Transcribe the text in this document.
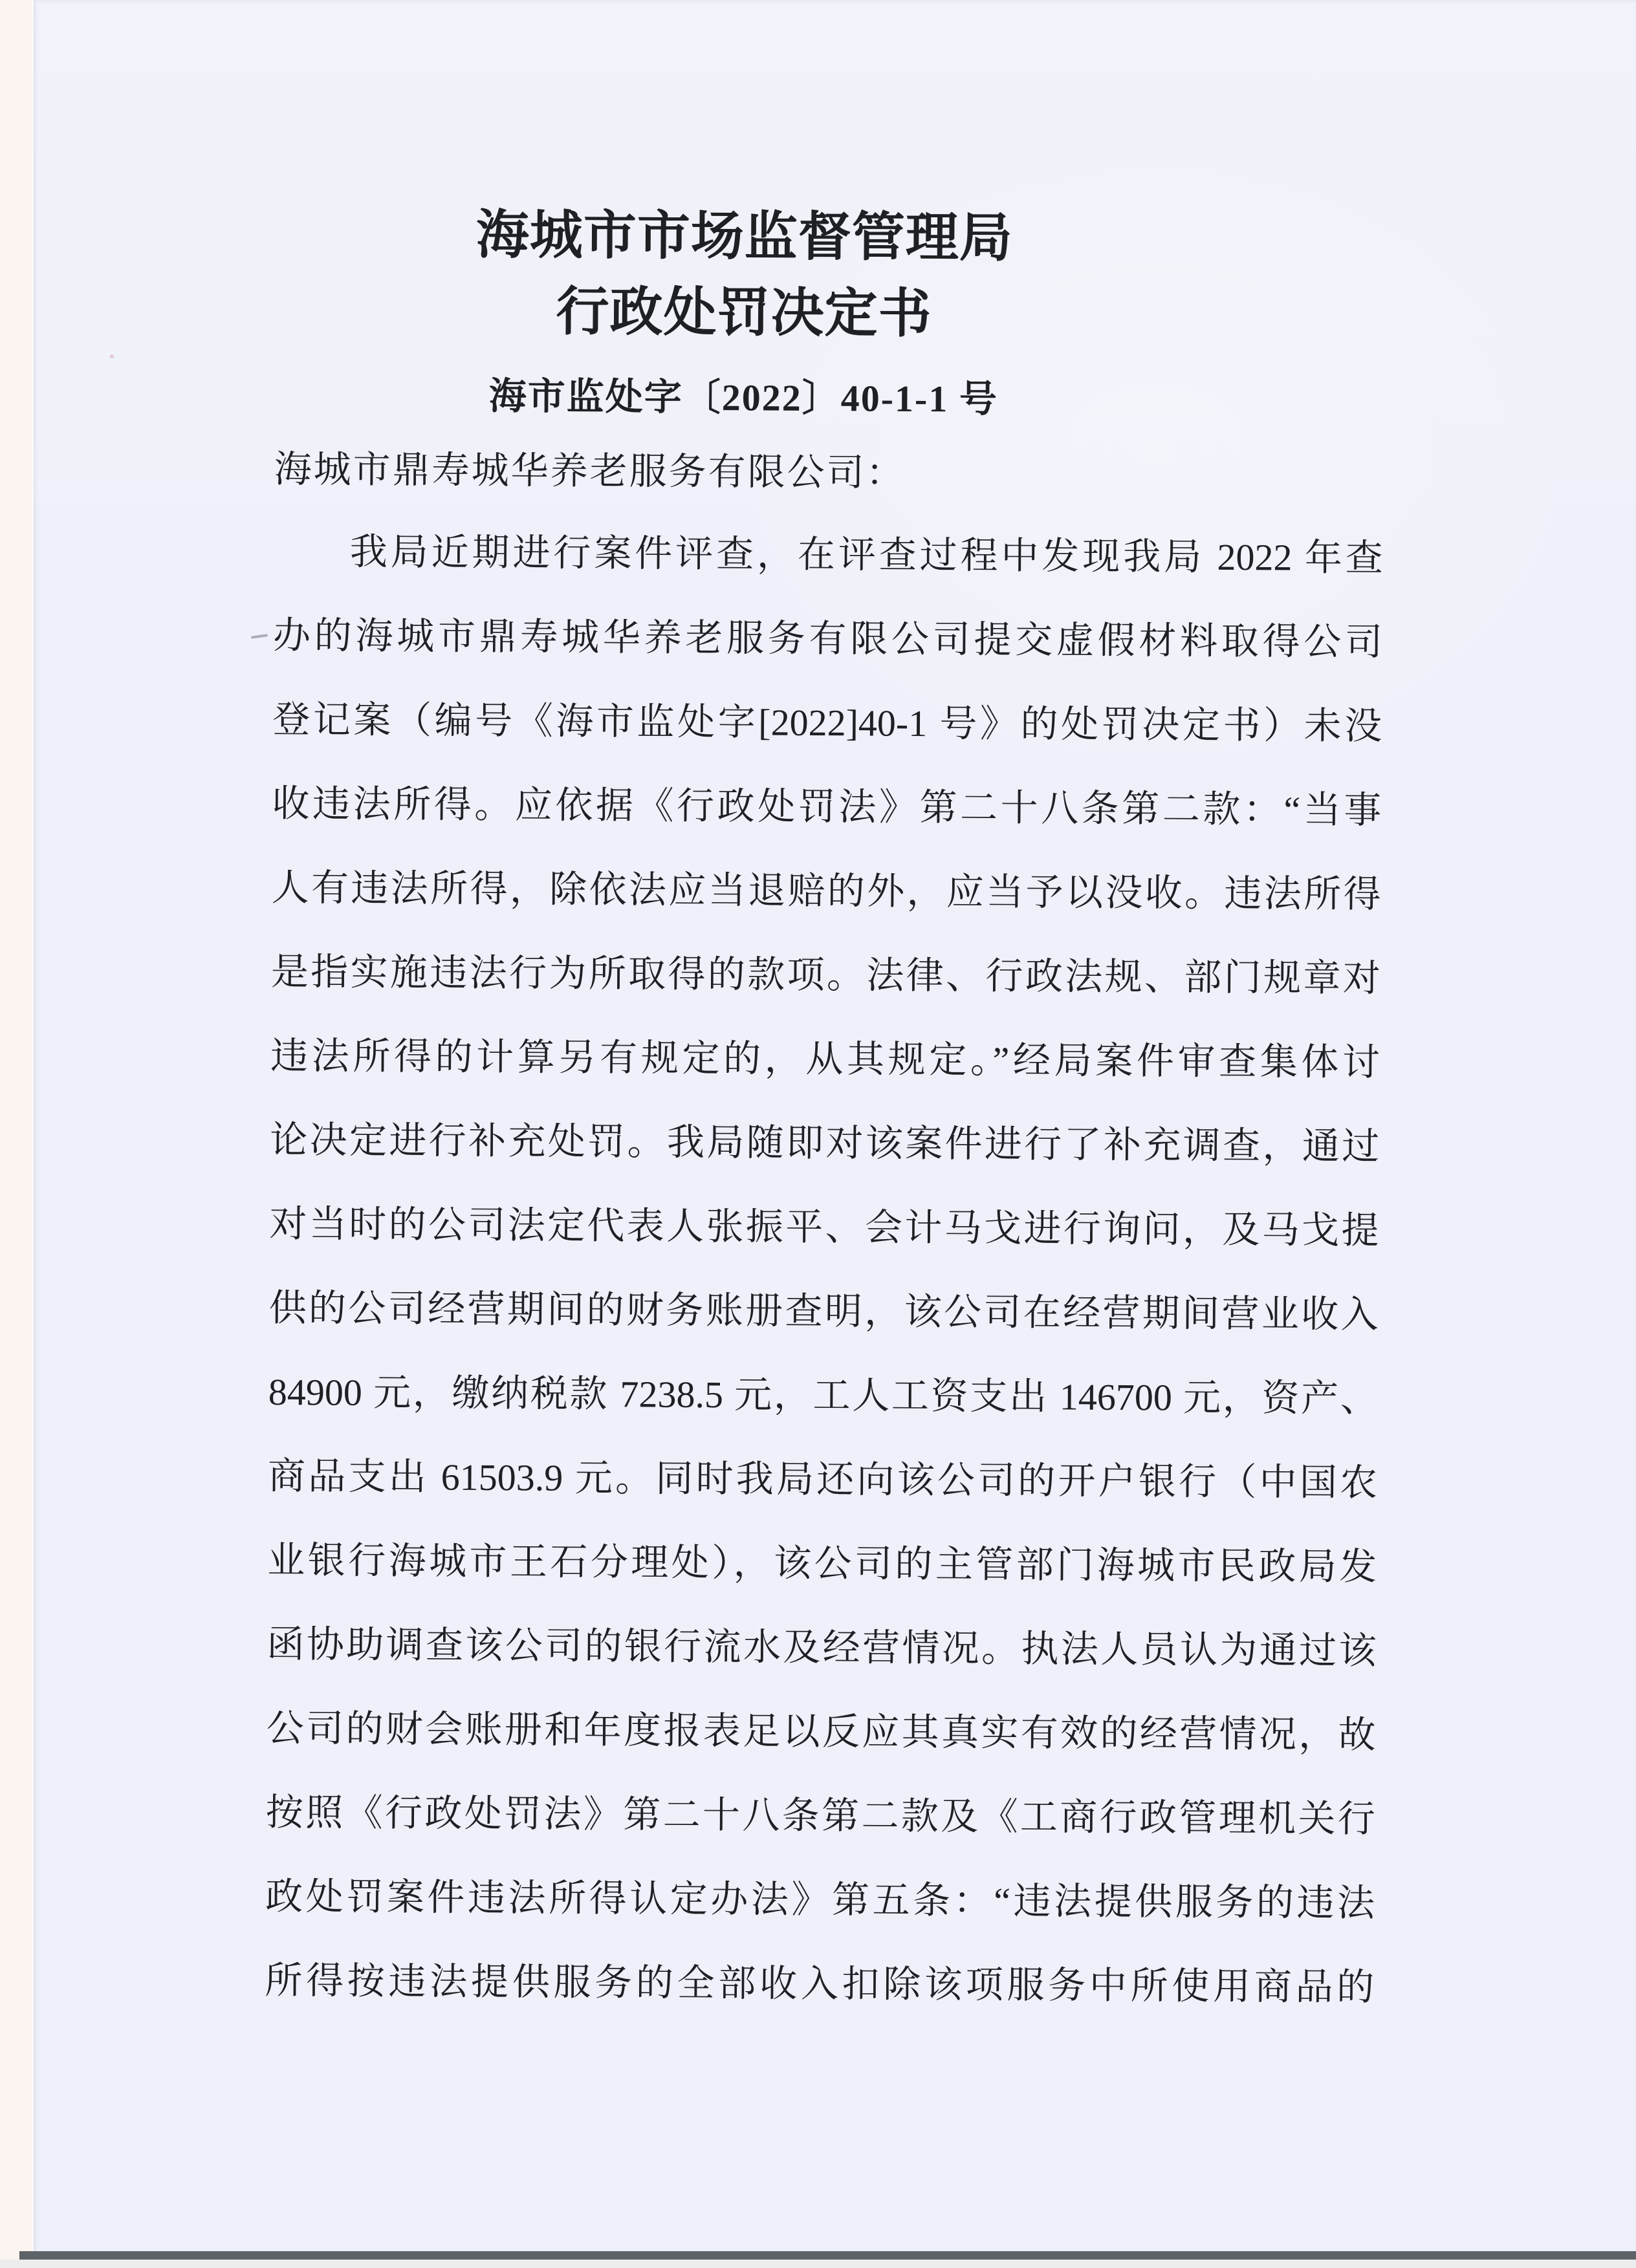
海城市市场监督管理局
行政处罚决定书
海市监处字〔2022〕40-1-1 号
海城市鼎寿城华养老服务有限公司：
我局近期进行案件评查，在评查过程中发现我局 2022 年查
办的海城市鼎寿城华养老服务有限公司提交虚假材料取得公司
登记案（编号《海市监处字[2022]40-1 号》的处罚决定书）未没
收违法所得。应依据《行政处罚法》第二十八条第二款：“当事
人有违法所得，除依法应当退赔的外，应当予以没收。违法所得
是指实施违法行为所取得的款项。法律、行政法规、部门规章对
违法所得的计算另有规定的，从其规定。”经局案件审查集体讨
论决定进行补充处罚。我局随即对该案件进行了补充调查，通过
对当时的公司法定代表人张振平、会计马戈进行询问，及马戈提
供的公司经营期间的财务账册查明，该公司在经营期间营业收入
84900 元，缴纳税款 7238.5 元，工人工资支出 146700 元，资产、
商品支出 61503.9 元。同时我局还向该公司的开户银行（中国农
业银行海城市王石分理处），该公司的主管部门海城市民政局发
函协助调查该公司的银行流水及经营情况。执法人员认为通过该
公司的财会账册和年度报表足以反应其真实有效的经营情况，故
按照《行政处罚法》第二十八条第二款及《工商行政管理机关行
政处罚案件违法所得认定办法》第五条：“违法提供服务的违法
所得按违法提供服务的全部收入扣除该项服务中所使用商品的
